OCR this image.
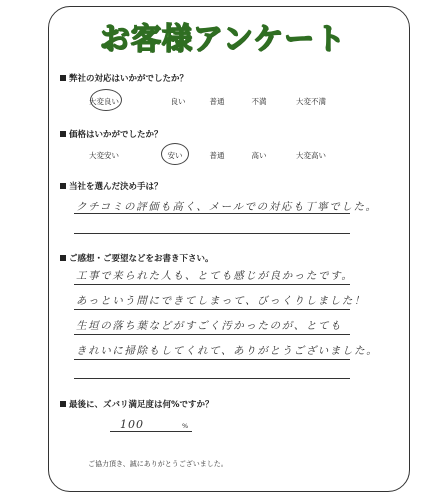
お客様アンケート
弊社の対応はいかがでしたか？
大変良い	良い	普通	不満	大変不満
価格はいかがでしたか？
大変安い	安い	普通	高い	大変高い
当社を選んだ決め手は？
クチコミの評価も高く、メールでの対応も丁寧でした。
ご感想・ご要望などをお書き下さい。
工事で来られた人も、とても感じが良かったです。
あっという間にできてしまって、びっくりしました！
生垣の落ち葉などがすごく汚かったのが、とても
きれいに掃除もしてくれて、ありがとうございました。
最後に、ズバリ満足度は何%ですか？
100	%
ご協力頂き、誠にありがとうございました。
